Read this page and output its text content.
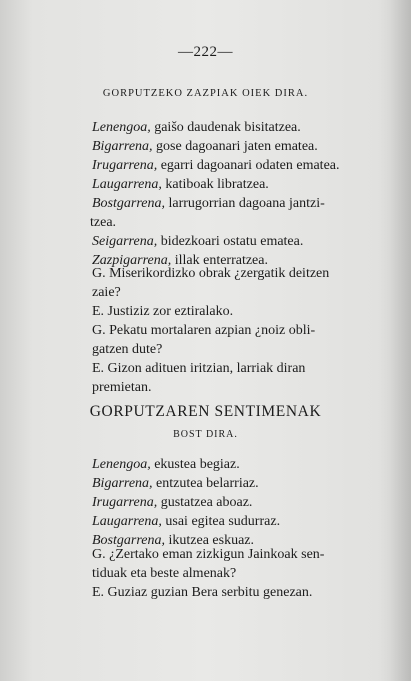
—222—
GORPUTZEKO ZAZPIAK OIEK DIRA.
Lenengoa, gaišo daudenak bisitatzea.
Bigarrena, gose dagoanari jaten ematea.
Irugarrena, egarri dagoanari odaten ematea.
Laugarrena, katiboak libratzea.
Bostgarrena, larrugorrian dagoana jantzi-
tzea.
Seigarrena, bidezkoari ostatu ematea.
Zazpigarrena, illak enterratzea.
G. Miserikordizko obrak ¿zergatik deitzen
zaie?
E. Justiziz zor eztiralako.
G. Pekatu mortalaren azpian ¿noiz obli-
gatzen dute?
E. Gizon adituen iritzian, larriak diran
premietan.
GORPUTZAREN SENTIMENAK
BOST DIRA.
Lenengoa, ekustea begiaz.
Bigarrena, entzutea belarriaz.
Irugarrena, gustatzea aboaz.
Laugarrena, usai egitea sudurraz.
Bostgarrena, ikutzea eskuaz.
G. ¿Zertako eman zizkigun Jainkoak sen-
tiduak eta beste almenak?
E. Guziaz guzian Bera serbitu genezan.
